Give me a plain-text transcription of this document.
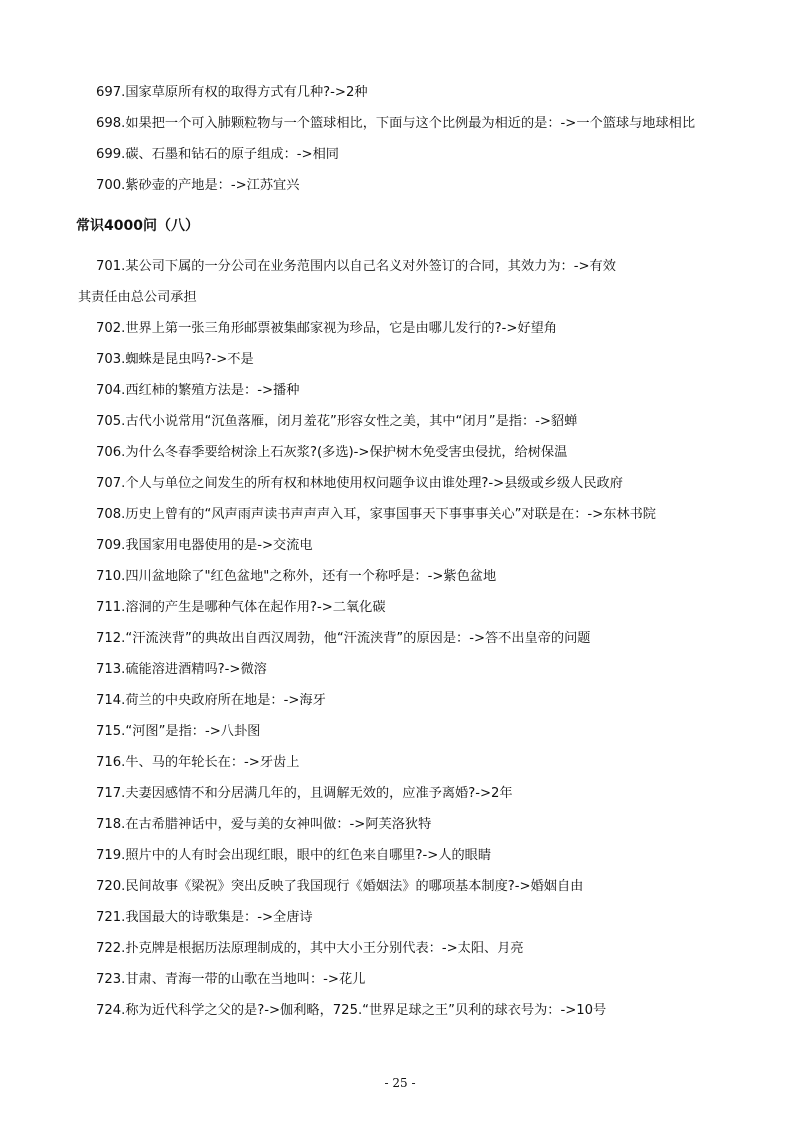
697.国家草原所有权的取得方式有几种?->2种
698.如果把一个可入肺颗粒物与一个篮球相比，下面与这个比例最为相近的是：->一个篮球与地球相比
699.碳、石墨和钻石的原子组成：->相同
700.紫砂壶的产地是：->江苏宜兴
常识4000问（八）
701.某公司下属的一分公司在业务范围内以自己名义对外签订的合同，其效力为：->有效
其责任由总公司承担
702.世界上第一张三角形邮票被集邮家视为珍品，它是由哪儿发行的?->好望角
703.蜘蛛是昆虫吗?->不是
704.西红柿的繁殖方法是：->播种
705.古代小说常用“沉鱼落雁，闭月羞花”形容女性之美，其中“闭月”是指：->貂蝉
706.为什么冬春季要给树涂上石灰浆?(多选)->保护树木免受害虫侵扰，给树保温
707.个人与单位之间发生的所有权和林地使用权问题争议由谁处理?->县级或乡级人民政府
708.历史上曾有的“风声雨声读书声声声入耳，家事国事天下事事事关心”对联是在：->东林书院
709.我国家用电器使用的是->交流电
710.四川盆地除了"红色盆地"之称外，还有一个称呼是：->紫色盆地
711.溶洞的产生是哪种气体在起作用?->二氧化碳
712.“汗流浃背”的典故出自西汉周勃，他“汗流浃背”的原因是：->答不出皇帝的问题
713.硫能溶进酒精吗?->微溶
714.荷兰的中央政府所在地是：->海牙
715.“河图”是指：->八卦图
716.牛、马的年轮长在：->牙齿上
717.夫妻因感情不和分居满几年的，且调解无效的，应准予离婚?->2年
718.在古希腊神话中，爱与美的女神叫做：->阿芙洛狄特
719.照片中的人有时会出现红眼，眼中的红色来自哪里?->人的眼睛
720.民间故事《梁祝》突出反映了我国现行《婚姻法》的哪项基本制度?->婚姻自由
721.我国最大的诗歌集是：->全唐诗
722.扑克牌是根据历法原理制成的，其中大小王分别代表：->太阳、月亮
723.甘肃、青海一带的山歌在当地叫：->花儿
724.称为近代科学之父的是?->伽利略，725.“世界足球之王”贝利的球衣号为：->10号
- 25 -
